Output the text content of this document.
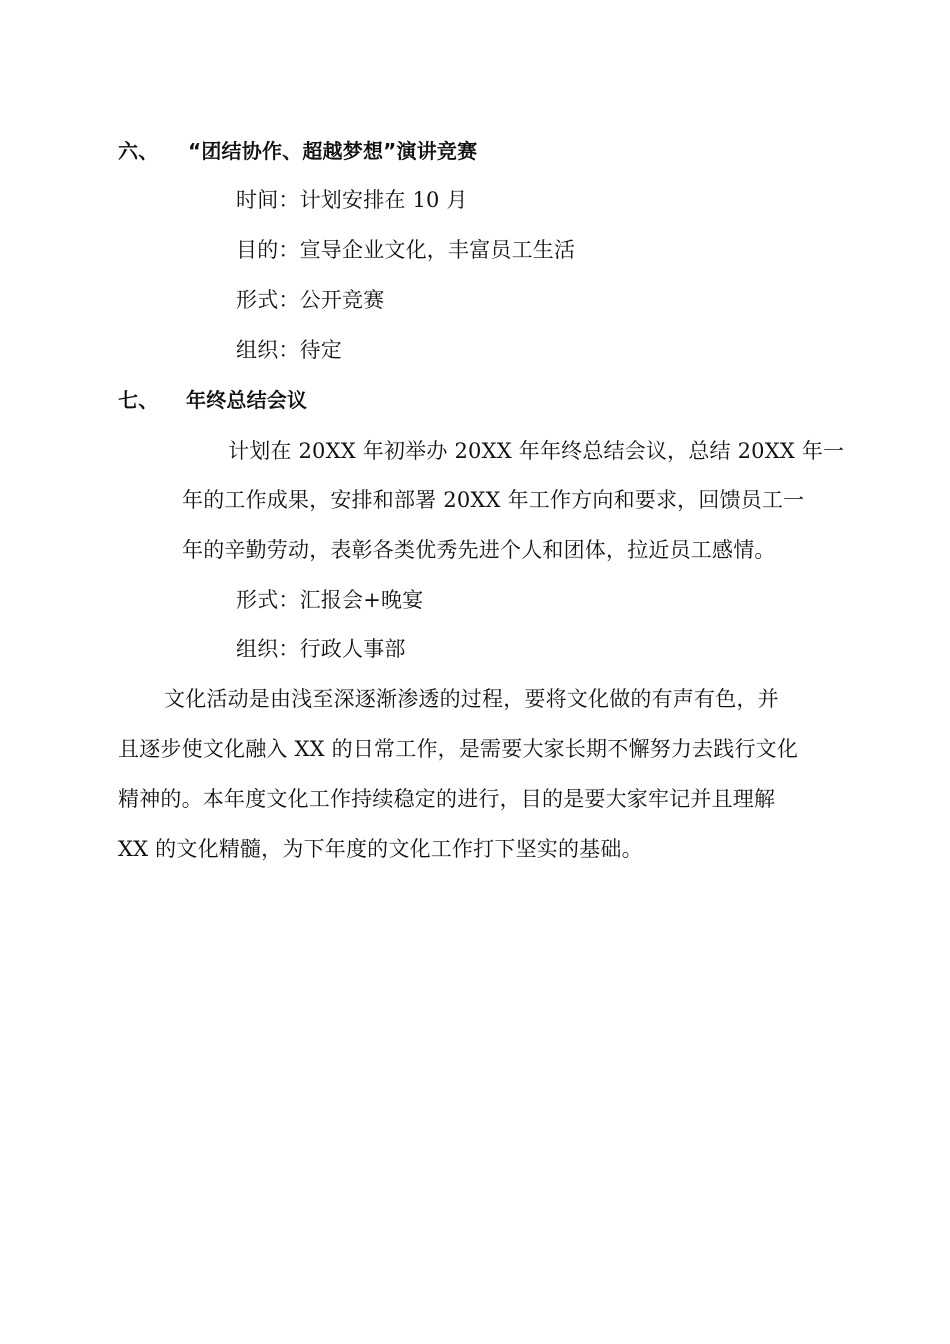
六、 “团结协作、超越梦想”演讲竞赛
时间：计划安排在 10 月
目的：宣导企业文化，丰富员工生活
形式：公开竞赛
组织：待定
七、 年终总结会议
计划在 20XX 年初举办 20XX 年年终总结会议，总结 20XX 年一
年的工作成果，安排和部署 20XX 年工作方向和要求，回馈员工一
年的辛勤劳动，表彰各类优秀先进个人和团体，拉近员工感情。
形式：汇报会+晚宴
组织：行政人事部
文化活动是由浅至深逐渐渗透的过程，要将文化做的有声有色，并
且逐步使文化融入 XX 的日常工作，是需要大家长期不懈努力去践行文化
精神的。本年度文化工作持续稳定的进行，目的是要大家牢记并且理解
XX 的文化精髓，为下年度的文化工作打下坚实的基础。
